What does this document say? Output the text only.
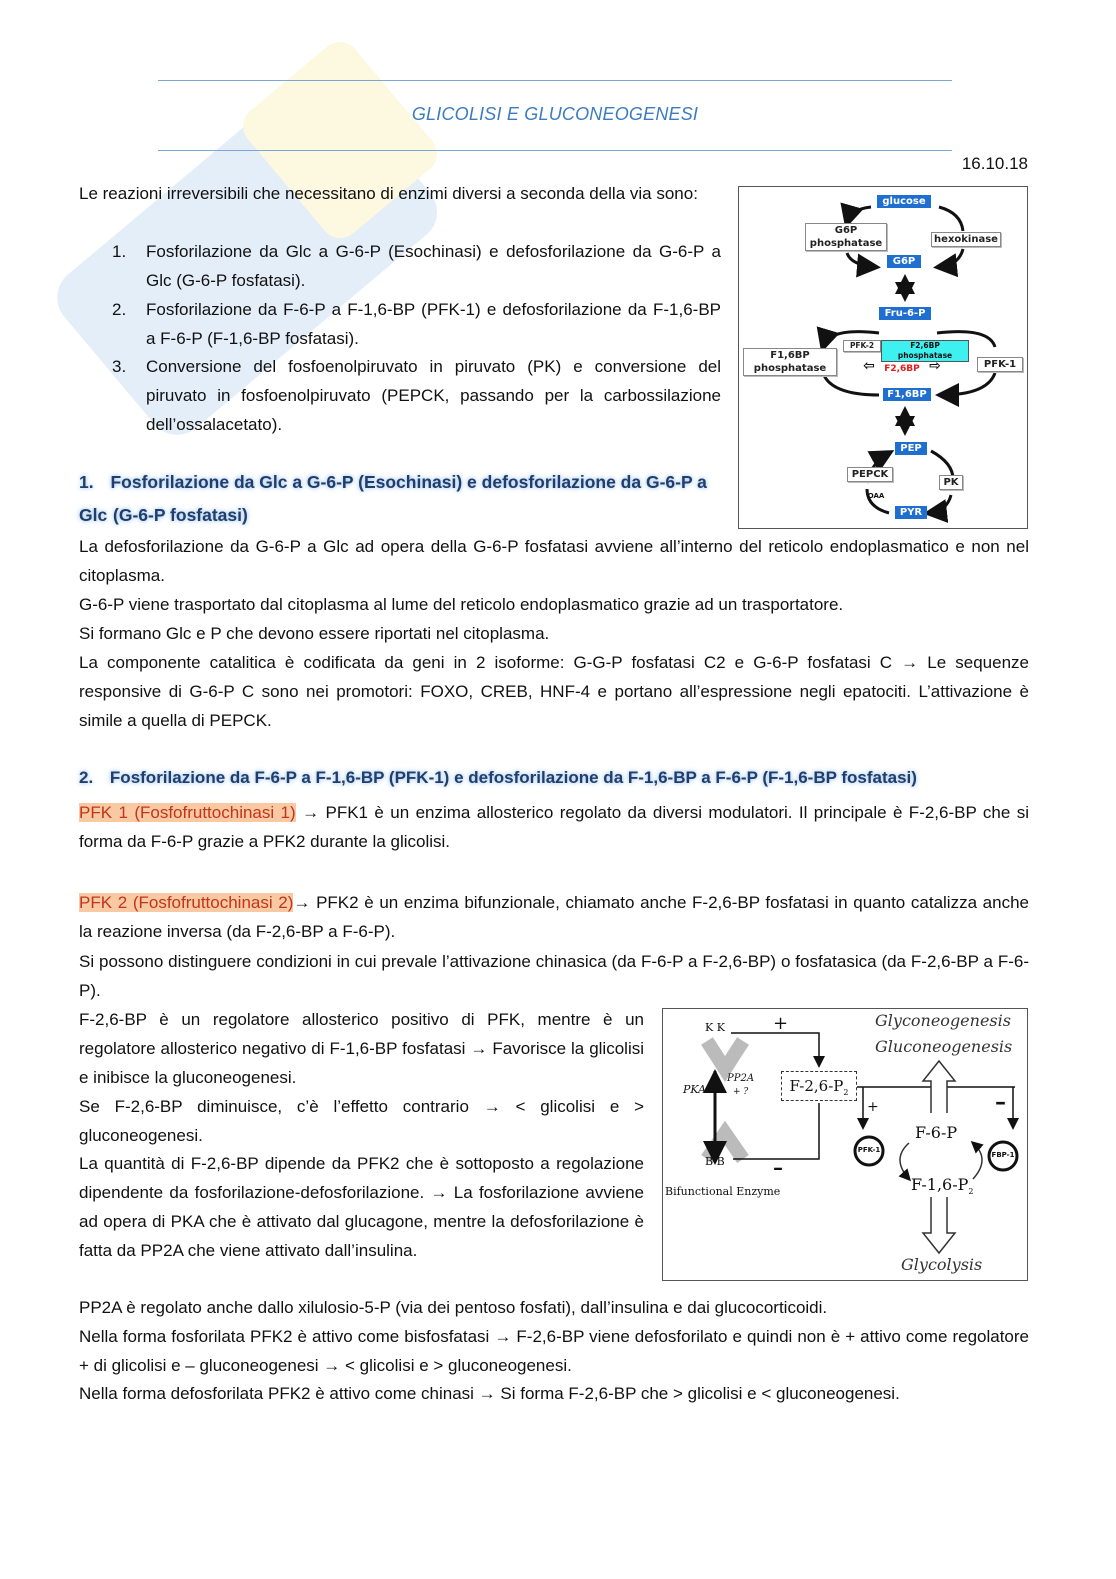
GLICOLISI E GLUCONEOGENESI
16.10.18
Le reazioni irreversibili che necessitano di enzimi diversi a seconda della via sono:
1. Fosforilazione da Glc a G-6-P (Esochinasi) e defosforilazione da G-6-P a Glc (G-6-P fosfatasi).
2. Fosforilazione da F-6-P a F-1,6-BP (PFK-1) e defosforilazione da F-1,6-BP a F-6-P (F-1,6-BP fosfatasi).
3. Conversione del fosfoenolpiruvato in piruvato (PK) e conversione del piruvato in fosfoenolpiruvato (PEPCK, passando per la carbossilazione dell’ossalacetato).
glucose
G6P
phosphatase	hexokinase
G6P
Fru-6-P
PFK-2	F2,6BP phosphatase
F1,6BP
phosphatase	F2,6BP
⇦	⇨	PFK-1
F1,6BP
PEP
PEPCK
OAA
PK
PYR
1. Fosforilazione da Glc a G-6-P (Esochinasi) e defosforilazione da G-6-P a Glc (G-6-P fosfatasi)
La defosforilazione da G-6-P a Glc ad opera della G-6-P fosfatasi avviene all’interno del reticolo endoplasmatico e non nel citoplasma.
G-6-P viene trasportato dal citoplasma al lume del reticolo endoplasmatico grazie ad un trasportatore.
Si formano Glc e P che devono essere riportati nel citoplasma.
La componente catalitica è codificata da geni in 2 isoforme: G-G-P fosfatasi C2 e G-6-P fosfatasi C → Le sequenze responsive di G-6-P C sono nei promotori: FOXO, CREB, HNF-4 e portano all’espressione negli epatociti. L’attivazione è simile a quella di PEPCK.
2. Fosforilazione da F-6-P a F-1,6-BP (PFK-1) e defosforilazione da F-1,6-BP a F-6-P (F-1,6-BP fosfatasi)
PFK 1 (Fosfofruttochinasi 1) → PFK1 è un enzima allosterico regolato da diversi modulatori. Il principale è F-2,6-BP che si forma da F-6-P grazie a PFK2 durante la glicolisi.
PFK 2 (Fosfofruttochinasi 2)→ PFK2 è un enzima bifunzionale, chiamato anche F-2,6-BP fosfatasi in quanto catalizza anche la reazione inversa (da F-2,6-BP a F-6-P).
Si possono distinguere condizioni in cui prevale l’attivazione chinasica (da F-6-P a F-2,6-BP) o fosfatasica (da F-2,6-BP a F-6-P).
F-2,6-BP è un regolatore allosterico positivo di PFK, mentre è un regolatore allosterico negativo di F-1,6-BP fosfatasi → Favorisce la glicolisi e inibisce la gluconeogenesi.
Se F-2,6-BP diminuisce, c’è l’effetto contrario → < glicolisi e > gluconeogenesi.
La quantità di F-2,6-BP dipende da PFK2 che è sottoposto a regolazione dipendente da fosforilazione-defosforilazione. → La fosforilazione avviene ad opera di PKA che è attivato dal glucagone, mentre la defosforilazione è fatta da PP2A che viene attivato dall’insulina.
Glyconeogenesis
Gluconeogenesis
+
K K
PKA
PP2A
+ ?	$F-2,6-P_2$
+	–
PFK-1
F-6-P
FBP-1
$F-1,6-P_2$
B B –
Bifunctional Enzyme
Glycolysis
PP2A è regolato anche dallo xilulosio-5-P (via dei pentoso fosfati), dall’insulina e dai glucocorticoidi.
Nella forma fosforilata PFK2 è attivo come bisfosfatasi → F-2,6-BP viene defosforilato e quindi non è + attivo come regolatore + di glicolisi e – gluconeogenesi → < glicolisi e > gluconeogenesi.
Nella forma defosforilata PFK2 è attivo come chinasi → Si forma F-2,6-BP che > glicolisi e < gluconeogenesi.
